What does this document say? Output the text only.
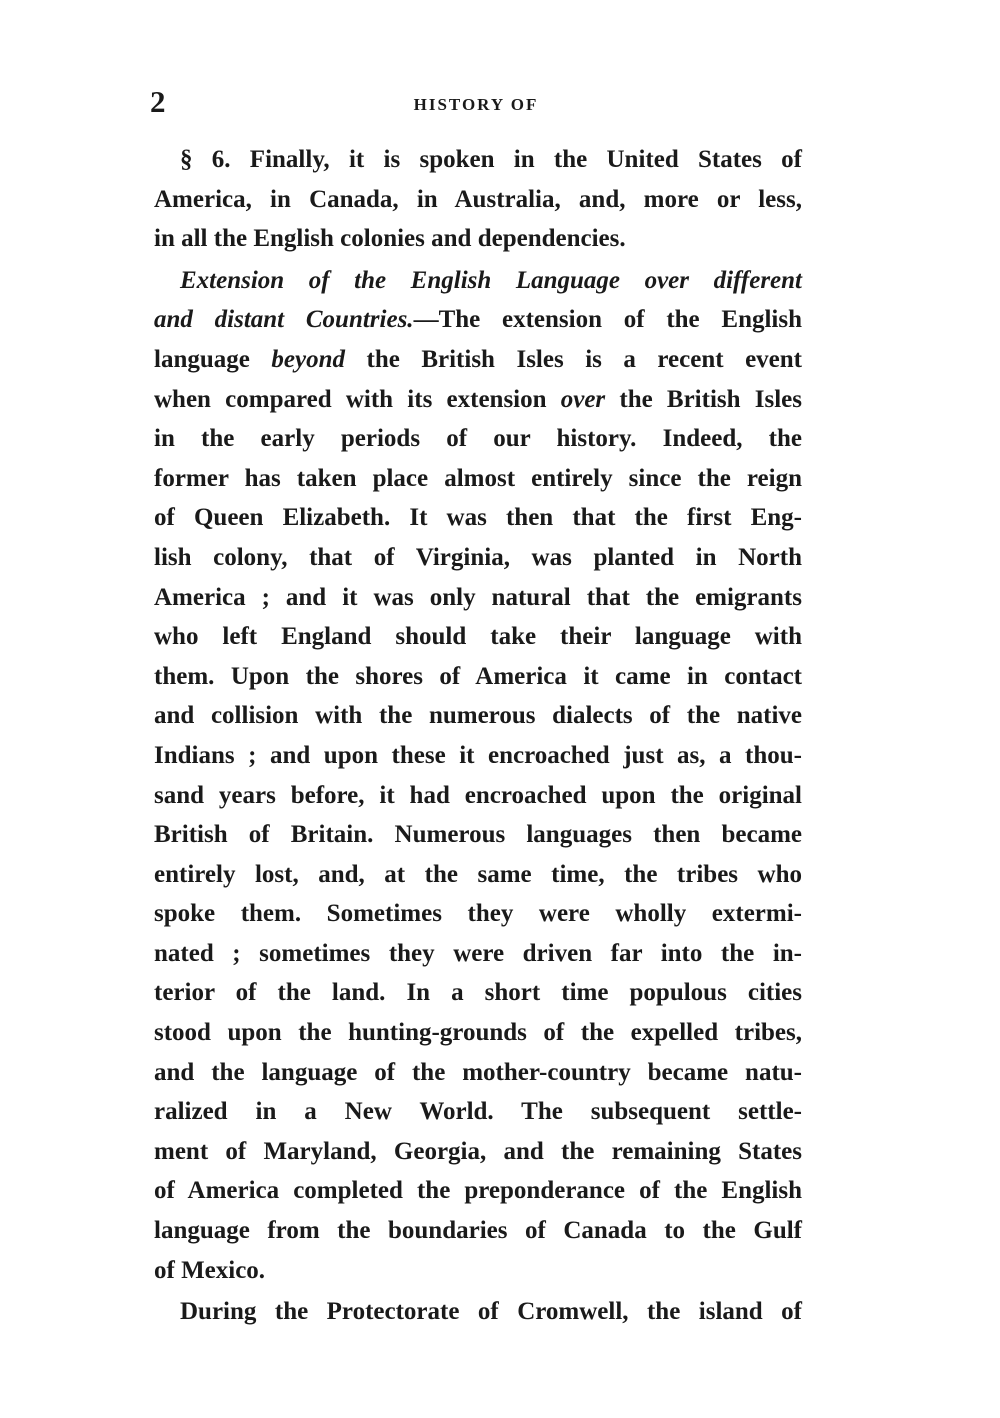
2	HISTORY OF
§ 6. Finally, it is spoken in the United States of
America, in Canada, in Australia, and, more or less,
in all the English colonies and dependencies.
Extension of the English Language over different
and distant Countries.—The extension of the English
language beyond the British Isles is a recent event
when compared with its extension over the British Isles
in the early periods of our history. Indeed, the
former has taken place almost entirely since the reign
of Queen Elizabeth. It was then that the first Eng-
lish colony, that of Virginia, was planted in North
America ; and it was only natural that the emigrants
who left England should take their language with
them. Upon the shores of America it came in contact
and collision with the numerous dialects of the native
Indians ; and upon these it encroached just as, a thou-
sand years before, it had encroached upon the original
British of Britain. Numerous languages then became
entirely lost, and, at the same time, the tribes who
spoke them. Sometimes they were wholly extermi-
nated ; sometimes they were driven far into the in-
terior of the land. In a short time populous cities
stood upon the hunting-grounds of the expelled tribes,
and the language of the mother-country became natu-
ralized in a New World. The subsequent settle-
ment of Maryland, Georgia, and the remaining States
of America completed the preponderance of the English
language from the boundaries of Canada to the Gulf
of Mexico.
During the Protectorate of Cromwell, the island of
